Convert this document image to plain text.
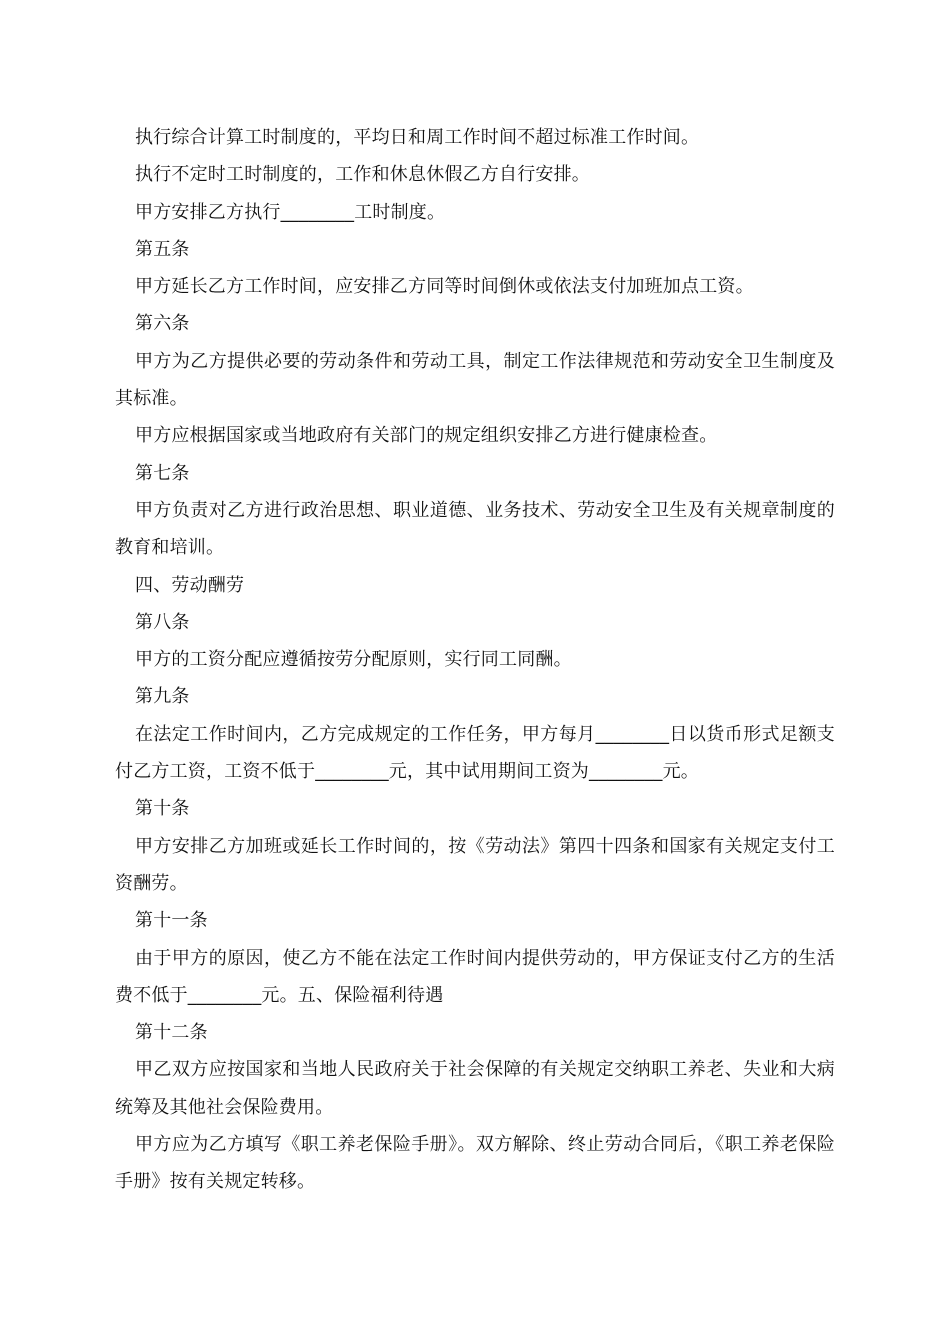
执行综合计算工时制度的，平均日和周工作时间不超过标准工作时间。

执行不定时工时制度的，工作和休息休假乙方自行安排。

甲方安排乙方执行________工时制度。

第五条

甲方延长乙方工作时间，应安排乙方同等时间倒休或依法支付加班加点工资。

第六条

甲方为乙方提供必要的劳动条件和劳动工具，制定工作法律规范和劳动安全卫生制度及其标准。

甲方应根据国家或当地政府有关部门的规定组织安排乙方进行健康检查。

第七条

甲方负责对乙方进行政治思想、职业道德、业务技术、劳动安全卫生及有关规章制度的教育和培训。

四、劳动酬劳

第八条

甲方的工资分配应遵循按劳分配原则，实行同工同酬。

第九条

在法定工作时间内，乙方完成规定的工作任务，甲方每月________日以货币形式足额支付乙方工资，工资不低于________元，其中试用期间工资为________元。

第十条

甲方安排乙方加班或延长工作时间的，按《劳动法》第四十四条和国家有关规定支付工资酬劳。

第十一条

由于甲方的原因，使乙方不能在法定工作时间内提供劳动的，甲方保证支付乙方的生活费不低于________元。五、保险福利待遇

第十二条

甲乙双方应按国家和当地人民政府关于社会保障的有关规定交纳职工养老、失业和大病统筹及其他社会保险费用。

甲方应为乙方填写《职工养老保险手册》。双方解除、终止劳动合同后，《职工养老保险手册》按有关规定转移。
